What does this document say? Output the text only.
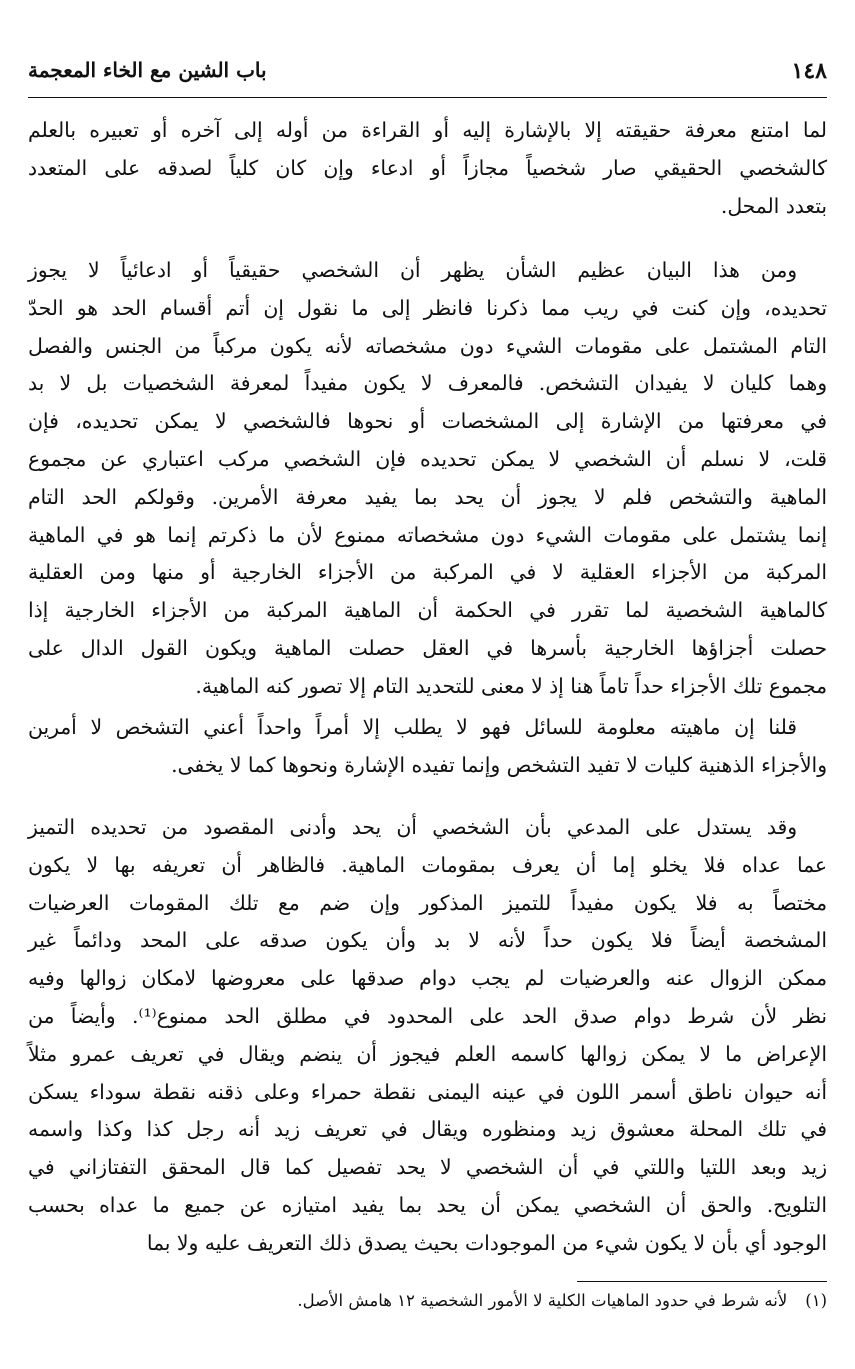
١٤٨
باب الشين مع الخاء المعجمة

لما امتنع معرفة حقيقته إلا بالإشارة إليه أو القراءة من أوله إلى آخره أو تعبيره بالعلم
كالشخصي الحقيقي صار شخصياً مجازاً أو ادعاء وإن كان كلياً لصدقه على المتعدد
بتعدد المحل.

ومن هذا البيان عظيم الشأن يظهر أن الشخصي حقيقياً أو ادعائياً لا يجوز
تحديده، وإن كنت في ريب مما ذكرنا فانظر إلى ما نقول إن أتم أقسام الحد هو الحدّ
التام المشتمل على مقومات الشيء دون مشخصاته لأنه يكون مركباً من الجنس والفصل
وهما كليان لا يفيدان التشخص. فالمعرف لا يكون مفيداً لمعرفة الشخصيات بل لا بد
في معرفتها من الإشارة إلى المشخصات أو نحوها فالشخصي لا يمكن تحديده، فإن
قلت، لا نسلم أن الشخصي لا يمكن تحديده فإن الشخصي مركب اعتباري عن مجموع
الماهية والتشخص فلم لا يجوز أن يحد بما يفيد معرفة الأمرين. وقولكم الحد التام
إنما يشتمل على مقومات الشيء دون مشخصاته ممنوع لأن ما ذكرتم إنما هو في الماهية
المركبة من الأجزاء العقلية لا في المركبة من الأجزاء الخارجية أو منها ومن العقلية
كالماهية الشخصية لما تقرر في الحكمة أن الماهية المركبة من الأجزاء الخارجية إذا
حصلت أجزاؤها الخارجية بأسرها في العقل حصلت الماهية ويكون القول الدال على
مجموع تلك الأجزاء حداً تاماً هنا إذ لا معنى للتحديد التام إلا تصور كنه الماهية.

قلنا إن ماهيته معلومة للسائل فهو لا يطلب إلا أمراً واحداً أعني التشخص لا أمرين
والأجزاء الذهنية كليات لا تفيد التشخص وإنما تفيده الإشارة ونحوها كما لا يخفى.

وقد يستدل على المدعي بأن الشخصي أن يحد وأدنى المقصود من تحديده التميز
عما عداه فلا يخلو إما أن يعرف بمقومات الماهية. فالظاهر أن تعريفه بها لا يكون
مختصاً به فلا يكون مفيداً للتميز المذكور وإن ضم مع تلك المقومات العرضيات
المشخصة أيضاً فلا يكون حداً لأنه لا بد وأن يكون صدقه على المحد ودائماً غير
ممكن الزوال عنه والعرضيات لم يجب دوام صدقها على معروضها لامكان زوالها وفيه
نظر لأن شرط دوام صدق الحد على المحدود في مطلق الحد ممنوع⁽¹⁾. وأيضاً من
الإعراض ما لا يمكن زوالها كاسمه العلم فيجوز أن ينضم ويقال في تعريف عمرو مثلاً
أنه حيوان ناطق أسمر اللون في عينه اليمنى نقطة حمراء وعلى ذقنه نقطة سوداء يسكن
في تلك المحلة معشوق زيد ومنظوره ويقال في تعريف زيد أنه رجل كذا وكذا واسمه
زيد وبعد اللتيا واللتي في أن الشخصي لا يحد تفصيل كما قال المحقق التفتازاني في
التلويح. والحق أن الشخصي يمكن أن يحد بما يفيد امتيازه عن جميع ما عداه بحسب
الوجود أي بأن لا يكون شيء من الموجودات بحيث يصدق ذلك التعريف عليه ولا بما

(١)لأنه شرط في حدود الماهيات الكلية لا الأمور الشخصية ١٢ هامش الأصل.
